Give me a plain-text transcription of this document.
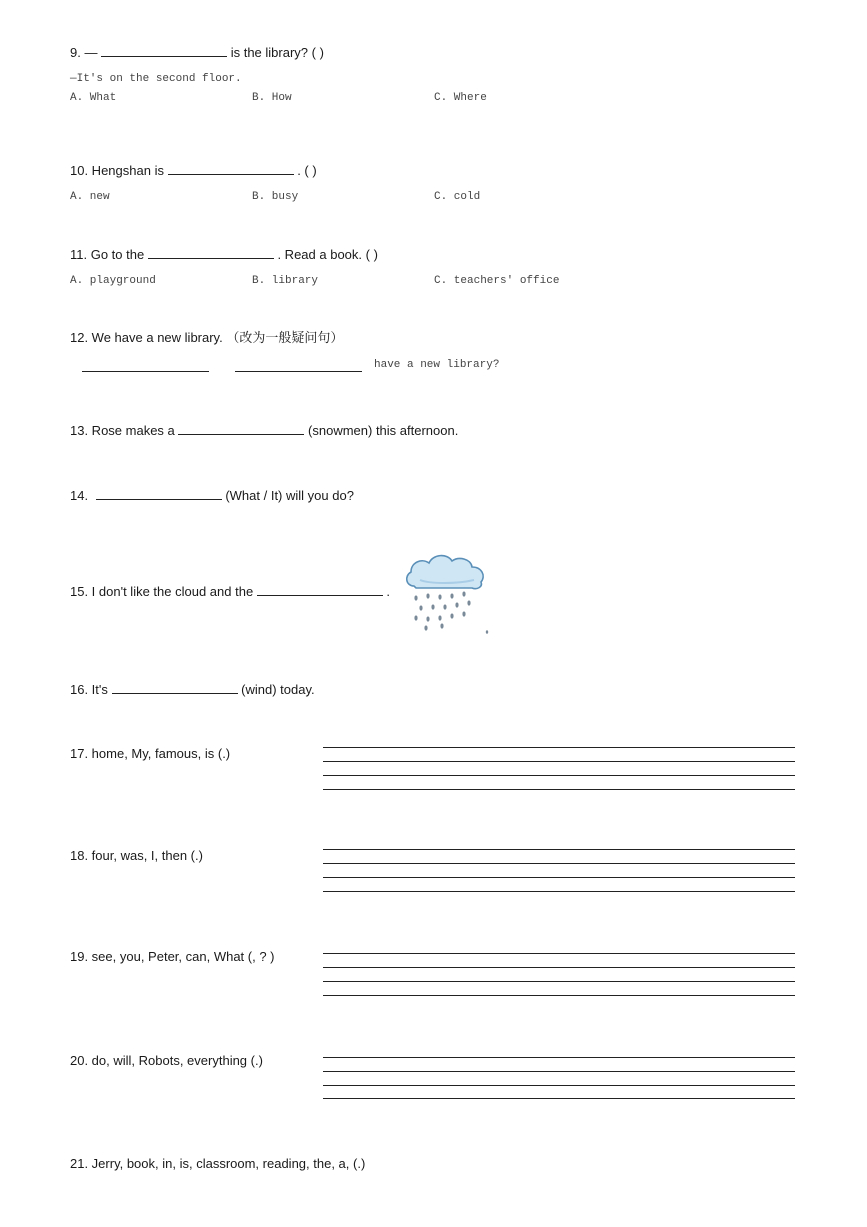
9. —	is the library? ( )
—It's on the second floor.
A. What	B. How	C. Where
10. Hengshan is	. ( )
A. new	B. busy	C. cold
11. Go to the	. Read a book. ( )
A. playground	B. library	C. teachers' office
12. We have a new library. （改为一般疑问句）
have a new library?
13. Rose makes a	(snowmen) this afternoon.
14.	(What / It) will you do?
15. I don't like the cloud and the	.
16. It's	(wind) today.
17. home, My, famous, is (.)
18. four, was, I, then (.)
19. see, you, Peter, can, What (, ? )
20. do, will, Robots, everything (.)
21. Jerry, book, in, is, classroom, reading, the, a, (.)
